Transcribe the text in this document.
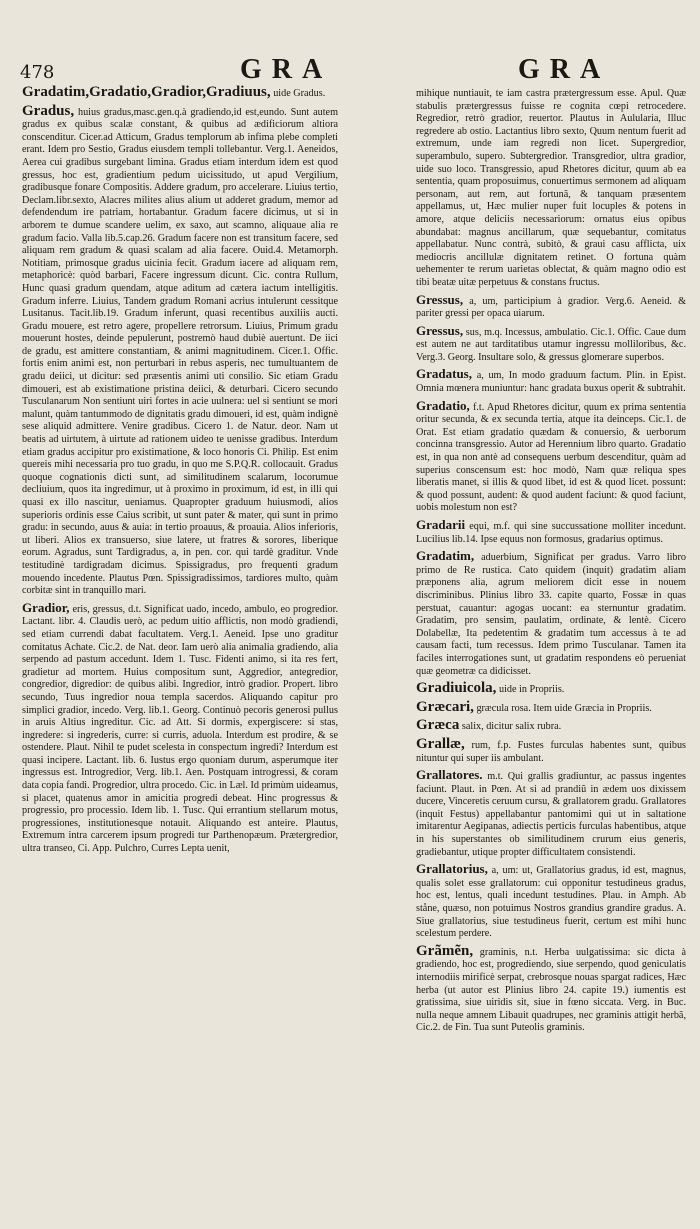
478	GRA	GRA

Gradatim,Gradatio,Gradior,Gradiuus, uide Gradus.

Gradus, huius gradus,masc.gen.q.à gradiendo,id est,eundo. Sunt autem gradus ex quibus scalæ constant, & quibus ad ædificiorum altiora conscenditur. Cicer.ad Atticum, Gradus templorum ab infima plebe completi erant. Idem pro Sestio, Gradus eiusdem templi tollebantur. Verg.1. Aeneidos, Aerea cui gradibus surgebant limina. Gradus etiam interdum idem est quod gressus, hoc est, gradientium pedum uicissitudo, ut apud Vergilium, gradibusque fonare Compositis. Addere gradum, pro accelerare. Liuius tertio, Declam.libr.sexto, Alacres milites alius alium ut adderet gradum, memor ad defendendum ire patriam, hortabantur. Gradum facere dicimus, ut si in arborem te dumue scandere uelim, ex saxo, aut scamno, aliquaue alia re gradum facio. Valla lib.5.cap.26. Gradum facere non est transitum facere, sed aliquam rem gradum & quasi scalam ad alia facere. Ouid.4. Metamorph. Notitiam, primosque gradus uicinia fecit. Gradum iacere ad aliquam rem, metaphoricè: quòd barbari, Facere ingressum dicunt. Cic. contra Rullum, Hunc quasi gradum quendam, atque aditum ad cætera iactum intelligitis. Gradum inferre. Liuius, Tandem gradum Romani acrius intulerunt cessitque Lusitanus. Tacit.lib.19. Gradum inferunt, quasi recentibus auxiliis aucti. Gradu mouere, est retro agere, propellere retrorsum. Liuius, Primum gradu mouerunt hostes, deinde pepulerunt, postremò haud dubiè auertunt. De iici de gradu, est amittere constantiam, & animi magnitudinem. Cicer.1. Offic. fortis enim animi est, non perturbari in rebus asperis, nec tumultuantem de gradu deiici, ut dicitur: sed præsentis animi uti consilio. Sic etiam Gradu dimoueri, est ab existimatione pristina deiici, & deturbari. Cicero secundo Tusculanarum Non sentiunt uiri fortes in acie uulnera: uel si sentiunt se mori malunt, quàm tantummodo de dignitatis gradu dimoueri, id est, quàm indignè sese aliquid admittere. Venire gradibus. Cicero 1. de Natur. deor. Nam ut beatis ad uirtutem, à uirtute ad rationem uideo te uenisse gradibus. Interdum etiam gradus accipitur pro existimatione, & loco honoris Ci. Philip. Est enim quereis mihi necessaria pro tuo gradu, in quo me S.P.Q.R. collocauit. Gradus quoque cognationis dicti sunt, ad similitudinem scalarum, locorumue decliuium, quos ita ingredimur, ut à proximo in proximum, id est, in illi qui quasi ex illo nascitur, ueniamus. Quapropter graduum huiusmodi, alios superioris ordinis esse Caius scribit, ut sunt pater & mater, qui sunt in primo gradu: in secundo, auus & auia: in tertio proauus, & proauia. Alios inferioris, ut liberi. Alios ex transuerso, siue latere, ut fratres & sorores, liberique eorum. Agradus, sunt Tardigradus, a, in pen. cor. qui tardè graditur. Vnde testitudinè tardigradam dicimus. Spissigradus, pro frequenti gradum mouendo incedente. Plautus Pœn. Spissigradissimos, tardiores multo, quàm corbitæ sint in tranquillo mari.

Gradior, eris, gressus, d.t. Significat uado, incedo, ambulo, eo progredior. Lactant. libr. 4. Claudis uerò, ac pedum uitio afflictis, non modò gradiendi, sed etiam currendi dabat facultatem. Verg.1. Aeneid. Ipse uno graditur comitatus Achate. Cic.2. de Nat. deor. Iam uerò alia animalia gradiendo, alia serpendo ad pastum accedunt. Idem 1. Tusc. Fidenti animo, si ita res fert, gradietur ad mortem. Huius compositum sunt, Aggredior, antegredior, congredior, digredior: de quibus alibi. Ingredior, intrò gradior. Propert. libro secundo, Tuus ingredior noua templa sacerdos. Aliquando capitur pro simplici gradior, incedo. Verg. lib.1. Georg. Continuò pecoris generosi pullus in aruis Altius ingreditur. Cic. ad Att. Si dormis, expergiscere: si stas, ingredere: si ingrederis, curre: si curris, aduola. Interdum est prodire, & se ostendere. Plaut. Nihil te pudet scelesta in conspectum ingredi? Interdum est quasi incipere. Lactant. lib. 6. Iustus ergo quoniam durum, asperumque iter ingressus est. Introgredior, Verg. lib.1. Aen. Postquam introgressi, & coram data copia fandi. Progredior, ultra procedo. Cic. in Læl. Id primùm uideamus, si placet, quatenus amor in amicitia progredi debeat. Hinc progressus & progressio, pro processio. Idem lib. 1. Tusc. Qui errantium stellarum motus, progressiones, institutionesque notauit. Aliquando est anteire. Plautus, Extremum intra carcerem ipsum progredi tur Parthenopæum. Prætergredior, ultra transeo, Ci. App. Pulchro, Curres Lepta uenit,

mihique nuntiauit, te iam castra prætergressum esse. Apul. Quæ stabulis prætergressus fuisse re cognita cœpi retrocedere. Regredior, retrò gradior, reuertor. Plautus in Aulularia, Illuc regredere ab ostio. Lactantius libro sexto, Quum nentum fuerit ad extremum, unde iam regredi non licet. Supergredior, superambulo, supero. Subtergredior. Transgredior, ultra gradior, uide suo loco. Transgressio, apud Rhetores dicitur, quum ab ea sententia, quam proposuimus, conuertimus sermonem ad aliquam personam, aut rem, aut fortunã, & tanquam præsentem appellamus, ut, Hæc mulier nuper fuit locuples & potens in amore, atque deliciis necessariorum: ornatus eius opibus abundabat: magnus ancillarum, quæ sequebantur, comitatus appellabatur. Nunc contrà, subitò, & graui casu afflicta, uix mediocris ancillulæ dignitatem retinet. O fortuna quàm uehementer te rerum uarietas oblectat, & quàm magno odio est tibi beatæ uitæ perpetuus & constans fructus.

Gressus, a, um, participium à gradior. Verg.6. Aeneid. & pariter gressi per opaca uiarum.

Gressus, sus, m.q. Incessus, ambulatio. Cic.1. Offic. Caue dum est autem ne aut tarditatibus utamur ingressu molliloribus, &c. Verg.3. Georg. Insultare solo, & gressus glomerare superbos.

Gradatus, a, um, In modo graduum factum. Plin. in Epist. Omnia mœnera muniuntur: hanc gradata buxus operit & subtrahit.

Gradatio, f.t. Apud Rhetores dicitur, quum ex prima sententia oritur secunda, & ex secunda tertia, atque ita deinceps. Cic.1. de Orat. Est etiam gradatio quædam & conuersio, & uerborum concinna transgressio. Autor ad Herennium libro quarto. Gradatio est, in qua non antè ad consequens uerbum descenditur, quàm ad superius conscensum est: hoc modò, Nam quæ reliqua spes liberatis manet, si illis & quod libet, id est & quod licet. possunt: & quod possunt, audent: & quod audent faciunt: & quod faciunt, uobis molestum non est?

Gradarii equi, m.f. qui sine succussatione molliter incedunt. Lucilius lib.14. Ipse equus non formosus, gradarius optimus.

Gradatim, aduerbium, Significat per gradus. Varro libro primo de Re rustica. Cato quidem (inquit) gradatim aliam præponens alia, agrum meliorem dicit esse in nouem discriminibus. Plinius libro 33. capite quarto, Fossæ in quas perstuat, cauantur: agogas uocant: ea sternuntur gradatim. Gradatim, pro sensim, paulatim, ordinate, & lentè. Cicero Dolabellæ, Ita pedetentim & gradatim tum accessus à te ad causam facti, tum recessus. Idem primo Tusculanar. Tamen ita faciles interrogationes sunt, ut gradatim respondens eò perueniat quæ geometræ ca didicisset.

Gradiuicola, uide in Propriis.

Græcari, græcula rosa. Item uide Græcia in Propriis.

Græca salix, dicitur salix rubra.

Grallæ, rum, f.p. Fustes furculas habentes sunt, quibus nituntur qui super iis ambulant.

Grallatores. m.t. Qui grallis gradiuntur, ac passus ingentes faciunt. Plaut. in Pœn. At si ad prandiũ in ædem uos dixissem ducere, Vinceretis ceruum cursu, & grallatorem gradu. Grallatores (inquit Festus) appellabantur pantomimi qui ut in saltatione imitarentur Aegipanas, adiectis perticis furculas habentibus, atque in his superstantes ob similitudinem crurum eius generis, gradiebantur, utique propter difficultatem consistendi.

Grallatorius, a, um: ut, Grallatorius gradus, id est, magnus, qualis solet esse grallatorum: cui opponitur testudineus gradus, hoc est, lentus, quali incedunt testudines. Plau. in Amph. Ab ståne, quæso, non potuimus Nostros grandius grandire gradus. A. Siue grallatorius, siue testudineus fuerit, certum est mihi hunc scelestum perdere.

Grãmẽn, graminis, n.t. Herba uulgatissima: sic dicta à gradiendo, hoc est, progrediendo, siue serpendo, quod geniculatis internodiis mirificè serpat, crebrosque nouas spargat radices, Hæc herba (ut autor est Plinius libro 24. capite 19.) iumentis est gratissima, siue uiridis sit, siue in fœno siccata. Verg. in Buc. nulla neque amnem Libauit quadrupes, nec graminis attigit herbã, Cic.2. de Fin. Tua sunt Puteolis graminis.
